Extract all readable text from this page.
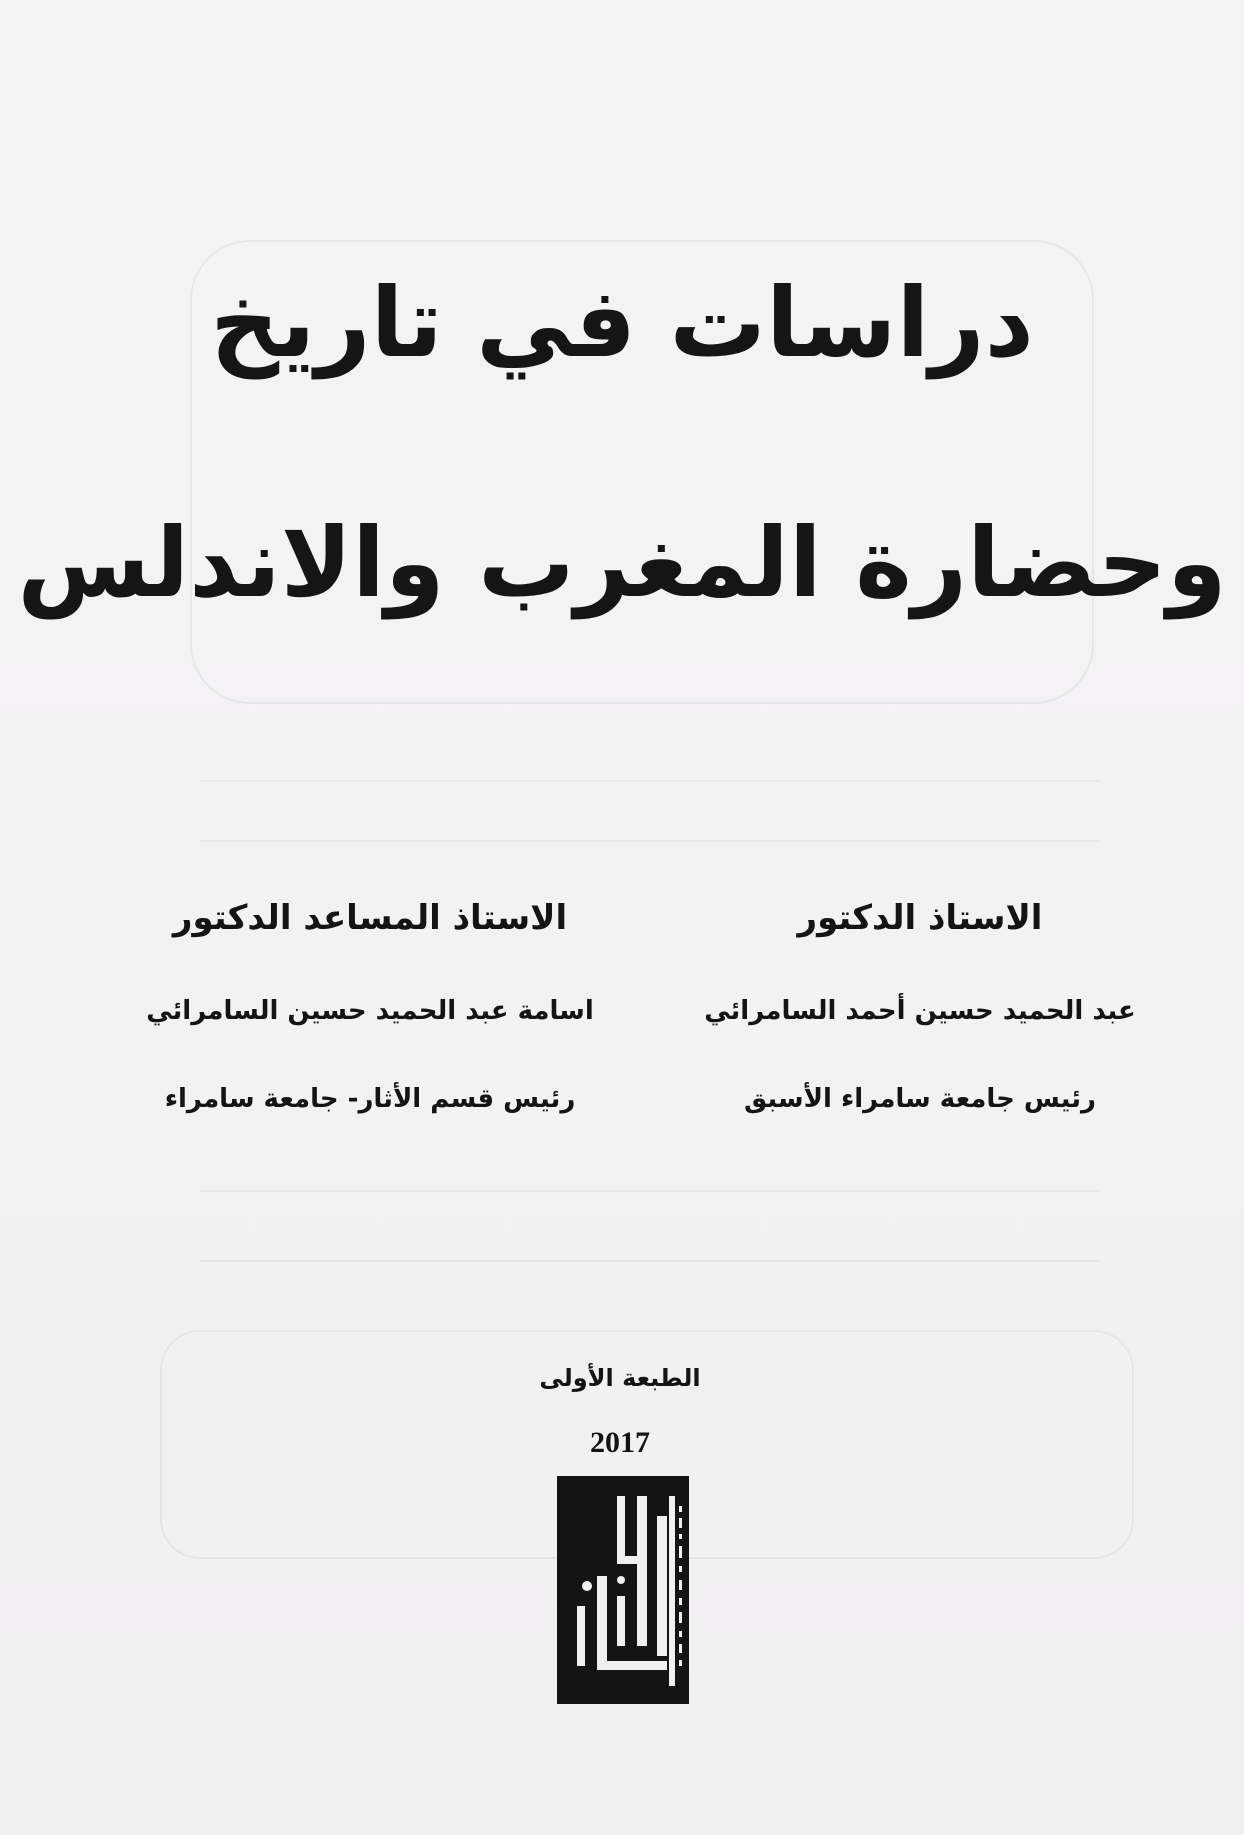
دراسات في تاريخ
وحضارة المغرب والاندلس
الاستاذ الدكتور
عبد الحميد حسين أحمد السامرائي
رئيس جامعة سامراء الأسبق
الاستاذ المساعد الدكتور
اسامة عبد الحميد حسين السامرائي
رئيس قسم الأثار- جامعة سامراء
الطبعة الأولى
2017
